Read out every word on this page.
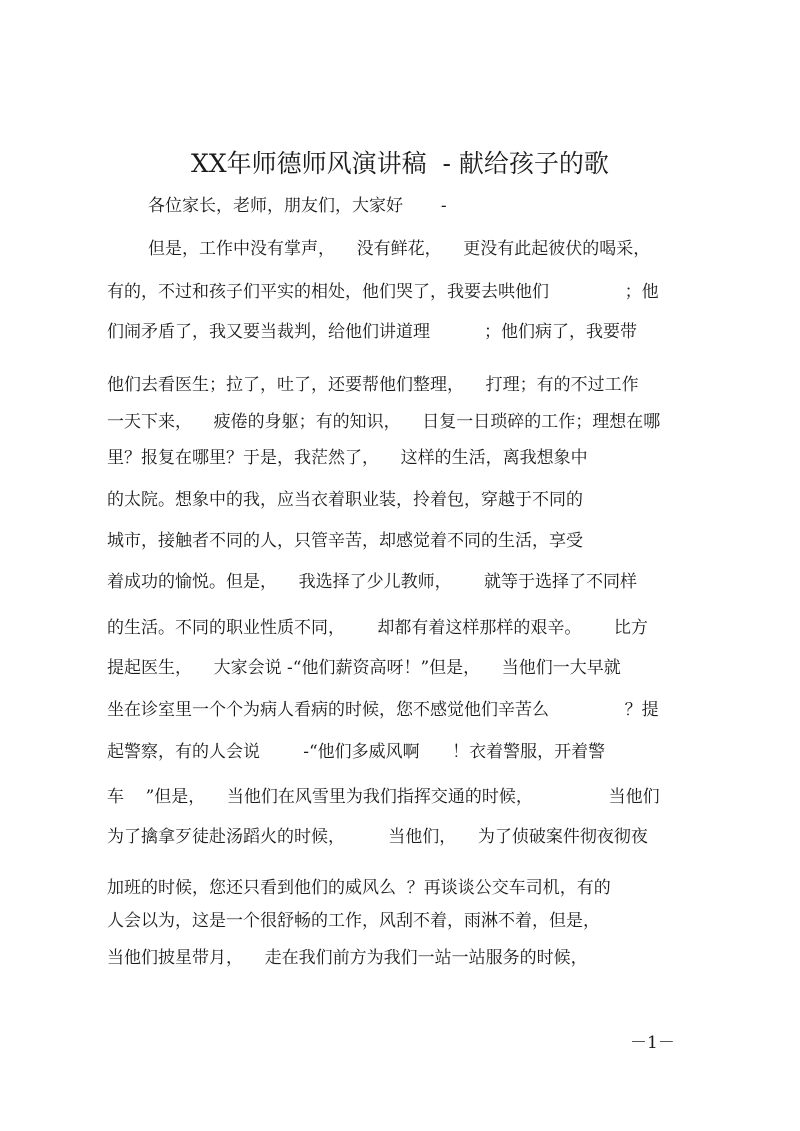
XX年师德师风演讲稿  - 献给孩子的歌
各位家长，老师，朋友们，大家好       -
但是，工作中没有掌声，    没有鲜花，    更没有此起彼伏的喝采，
有的，不过和孩子们平实的相处，他们哭了，我要去哄他们              ；他
们闹矛盾了，我又要当裁判，给他们讲道理          ；他们病了，我要带
他们去看医生；拉了，吐了，还要帮他们整理，    打理；有的不过工作
一天下来，    疲倦的身躯；有的知识，    日复一日琐碎的工作；理想在哪
里？报复在哪里？于是，我茫然了，    这样的生活，离我想象中
的太院。想象中的我，应当衣着职业装，拎着包，穿越于不同的
城市，接触者不同的人，只管辛苦，却感觉着不同的生活，享受
着成功的愉悦。但是，    我选择了少儿教师，      就等于选择了不同样
的生活。不同的职业性质不同，      却都有着这样那样的艰辛。      比方
提起医生，    大家会说 -“他们薪资高呀！”但是，    当他们一大早就
坐在诊室里一个个为病人看病的时候，您不感觉他们辛苦么              ？提
起警察，有的人会说        -“他们多威风啊      ！衣着警服，开着警
车    ”但是，    当他们在风雪里为我们指挥交通的时候，              当他们
为了擒拿歹徒赴汤蹈火的时候，        当他们，    为了侦破案件彻夜彻夜
加班的时候，您还只看到他们的威风么  ？再谈谈公交车司机，有的
人会以为，这是一个很舒畅的工作，风刮不着，雨淋不着，但是，
当他们披星带月，    走在我们前方为我们一站一站服务的时候，
－1－
